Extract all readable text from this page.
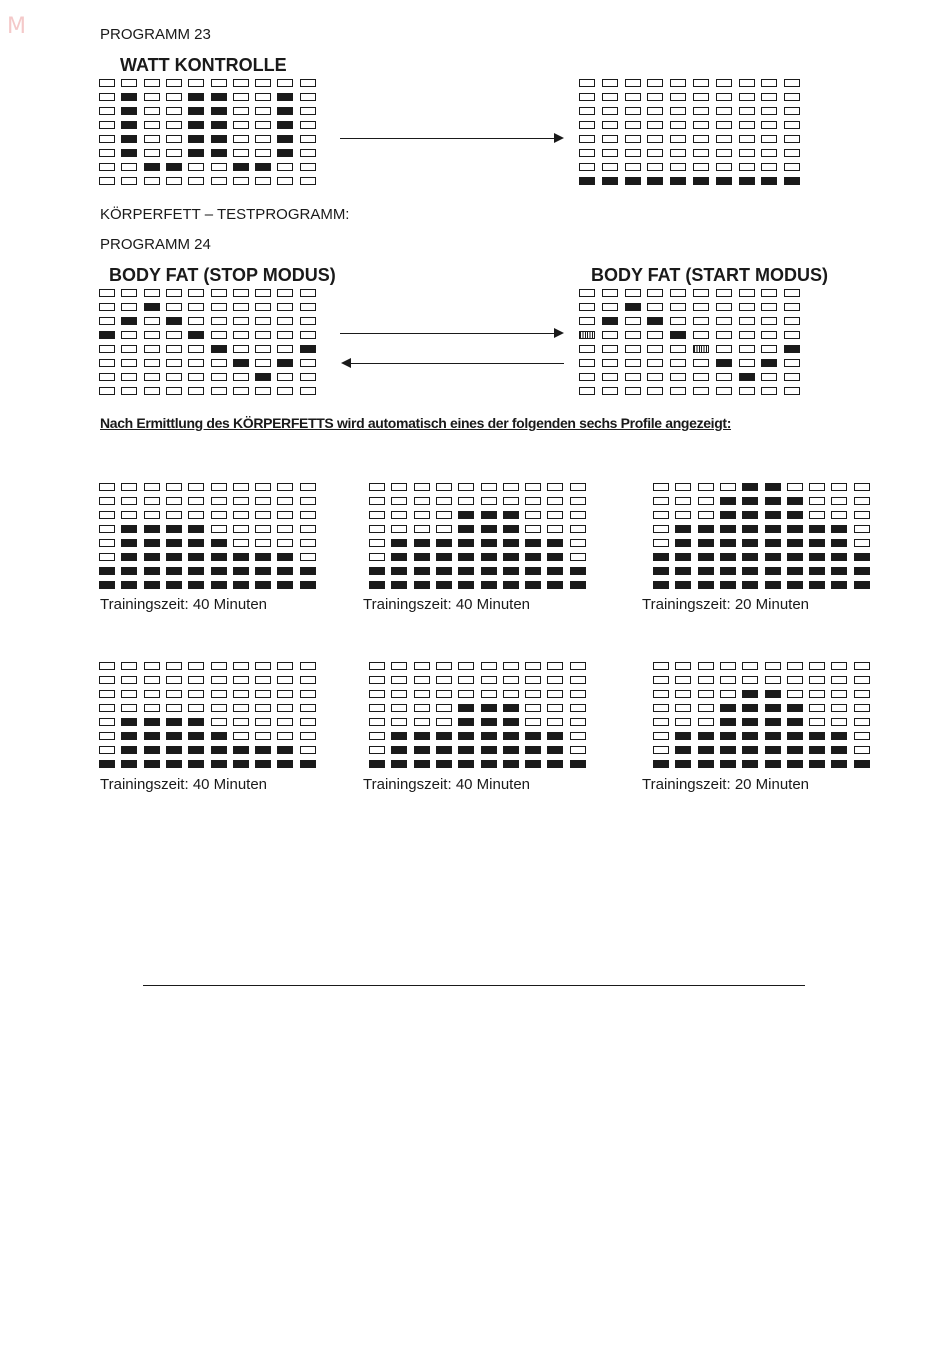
M	PROGRAMM 23
WATT KONTROLLE
KÖRPERFETT – TESTPROGRAMM:
PROGRAMM 24
BODY FAT (STOP MODUS)	BODY FAT (START MODUS)
Nach Ermittlung des KÖRPERFETTS wird automatisch eines der folgenden sechs Profile angezeigt:
Trainingszeit: 40 Minuten	Trainingszeit: 40 Minuten	Trainingszeit: 20 Minuten
Trainingszeit: 40 Minuten	Trainingszeit: 40 Minuten	Trainingszeit: 20 Minuten
